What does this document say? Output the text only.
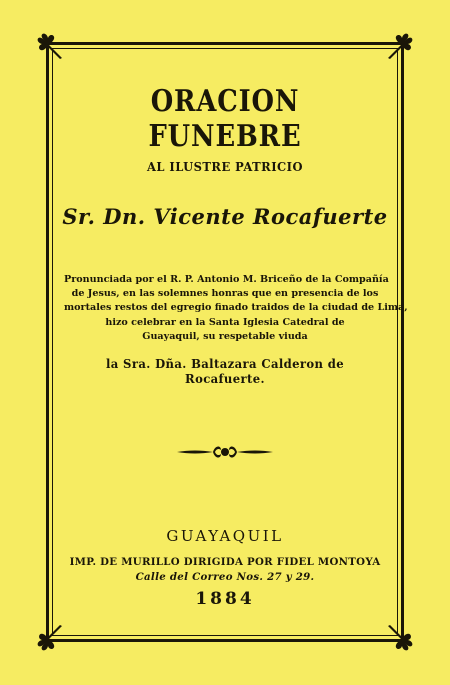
ORACION FUNEBRE
AL ILUSTRE PATRICIO
Sr. Dn. Vicente Rocafuerte
Pronunciada por el R. P. Antonio M. Briceño de la Compañía
de Jesus, en las solemnes honras que en presencia de los
mortales restos del egregio finado traidos de la ciudad de Lima,
hizo celebrar en la Santa Iglesia Catedral de
Guayaquil, su respetable viuda
la Sra. Dña. Baltazara Calderon de Rocafuerte.
GUAYAQUIL
IMP. DE MURILLO DIRIGIDA POR FIDEL MONTOYA
Calle del Correo Nos. 27 y 29.
1884
